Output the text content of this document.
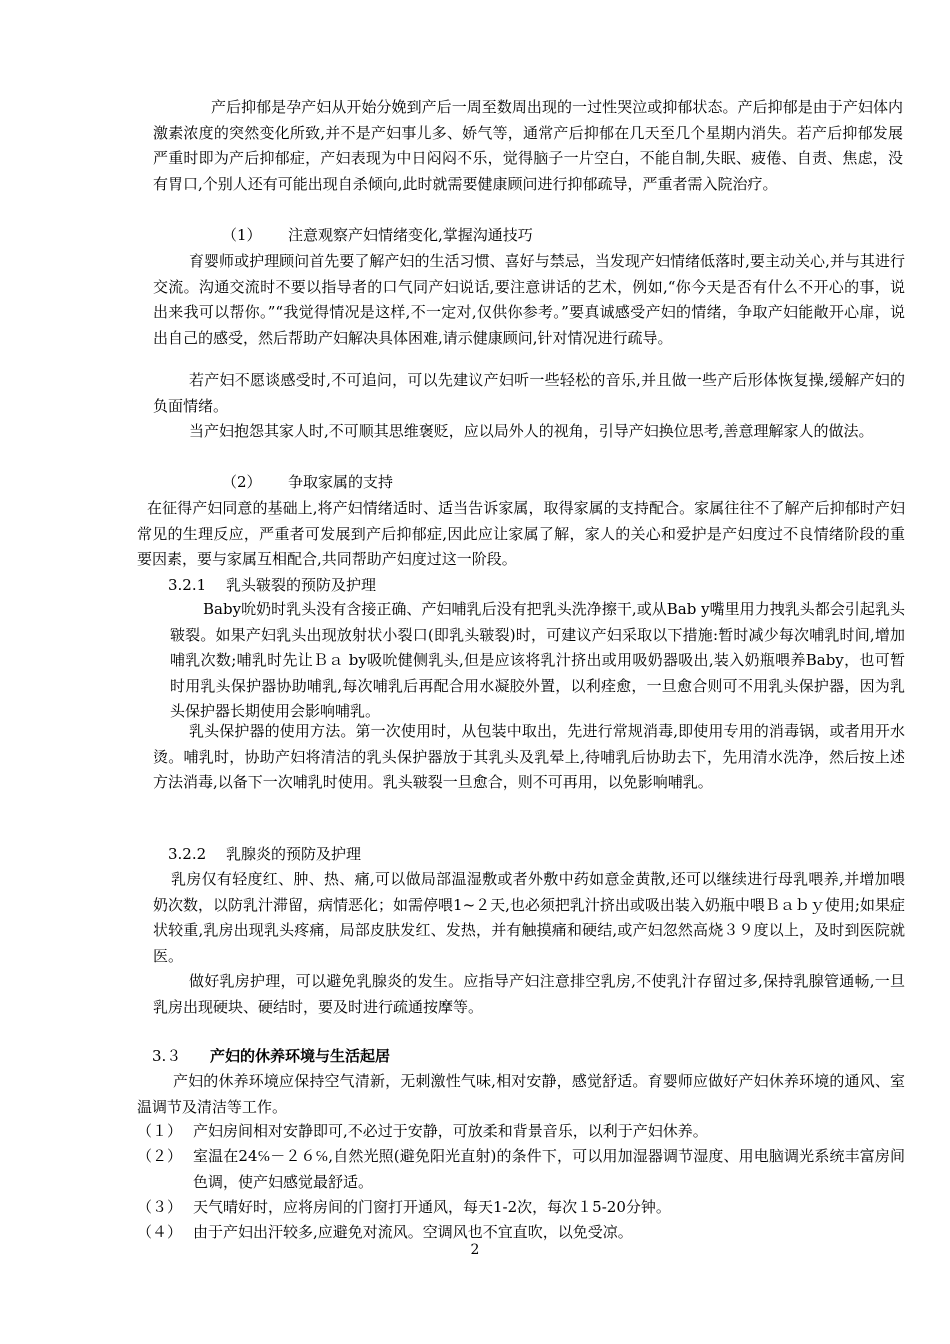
产后抑郁是孕产妇从开始分娩到产后一周至数周出现的一过性哭泣或抑郁状态。产后抑郁是由于产妇体内激素浓度的突然变化所致,并不是产妇事儿多、娇气等，通常产后抑郁在几天至几个星期内消失。若产后抑郁发展严重时即为产后抑郁症，产妇表现为中日闷闷不乐，觉得脑子一片空白，不能自制,失眠、疲倦、自责、焦虑，没有胃口,个别人还有可能出现自杀倾向,此时就需要健康顾问进行抑郁疏导，严重者需入院治疗。

（1） 注意观察产妇情绪变化,掌握沟通技巧

育婴师或护理顾问首先要了解产妇的生活习惯、喜好与禁忌，当发现产妇情绪低落时,要主动关心,并与其进行交流。沟通交流时不要以指导者的口气同产妇说话,要注意讲话的艺术，例如,“你今天是否有什么不开心的事，说出来我可以帮你。”“我觉得情况是这样,不一定对,仅供你参考。”要真诚感受产妇的情绪，争取产妇能敞开心扉，说出自己的感受，然后帮助产妇解决具体困难,请示健康顾问,针对情况进行疏导。

若产妇不愿谈感受时,不可追问，可以先建议产妇听一些轻松的音乐,并且做一些产后形体恢复操,缓解产妇的负面情绪。

当产妇抱怨其家人时,不可顺其思维褒贬，应以局外人的视角，引导产妇换位思考,善意理解家人的做法。

（2） 争取家属的支持

在征得产妇同意的基础上,将产妇情绪适时、适当告诉家属，取得家属的支持配合。家属往往不了解产后抑郁时产妇常见的生理反应，严重者可发展到产后抑郁症,因此应让家属了解，家人的关心和爱护是产妇度过不良情绪阶段的重要因素，要与家属互相配合,共同帮助产妇度过这一阶段。

3.2.1 乳头皲裂的预防及护理

Baby吮奶时乳头没有含接正确、产妇哺乳后没有把乳头洗净擦干,或从Bab y嘴里用力拽乳头都会引起乳头皲裂。如果产妇乳头出现放射状小裂口(即乳头皲裂)时，可建议产妇采取以下措施:暂时减少每次哺乳时间,增加哺乳次数;哺乳时先让Ｂａ by吸吮健侧乳头,但是应该将乳汁挤出或用吸奶器吸出,装入奶瓶喂养Baby，也可暂时用乳头保护器协助哺乳,每次哺乳后再配合用水凝胶外置，以利痊愈，一旦愈合则可不用乳头保护器，因为乳头保护器长期使用会影响哺乳。

乳头保护器的使用方法。第一次使用时，从包装中取出，先进行常规消毒,即使用专用的消毒锅，或者用开水烫。哺乳时，协助产妇将清洁的乳头保护器放于其乳头及乳晕上,待哺乳后协助去下，先用清水洗净，然后按上述方法消毒,以备下一次哺乳时使用。乳头皲裂一旦愈合，则不可再用，以免影响哺乳。

3.2.2 乳腺炎的预防及护理

乳房仅有轻度红、肿、热、痛,可以做局部温湿敷或者外敷中药如意金黄散,还可以继续进行母乳喂养,并增加喂奶次数，以防乳汁滞留，病情恶化；如需停喂1~２天,也必须把乳汁挤出或吸出装入奶瓶中喂Ｂａｂｙ使用;如果症状较重,乳房出现乳头疼痛，局部皮肤发红、发热，并有触摸痛和硬结,或产妇忽然高烧３９度以上，及时到医院就医。

做好乳房护理，可以避免乳腺炎的发生。应指导产妇注意排空乳房,不使乳汁存留过多,保持乳腺管通畅,一旦乳房出现硬块、硬结时，要及时进行疏通按摩等。

3.３ 产妇的休养环境与生活起居

产妇的休养环境应保持空气清新，无刺激性气味,相对安静，感觉舒适。育婴师应做好产妇休养环境的通风、室温调节及清洁等工作。

（１） 产妇房间相对安静即可,不必过于安静，可放柔和背景音乐，以利于产妇休养。
（２） 室温在24℅－２６℅,自然光照(避免阳光直射)的条件下，可以用加湿器调节湿度、用电脑调光系统丰富房间色调，使产妇感觉最舒适。
（３） 天气晴好时，应将房间的门窗打开通风，每天1-2次，每次１5-20分钟。
（４） 由于产妇出汗较多,应避免对流风。空调风也不宜直吹，以免受凉。
2
